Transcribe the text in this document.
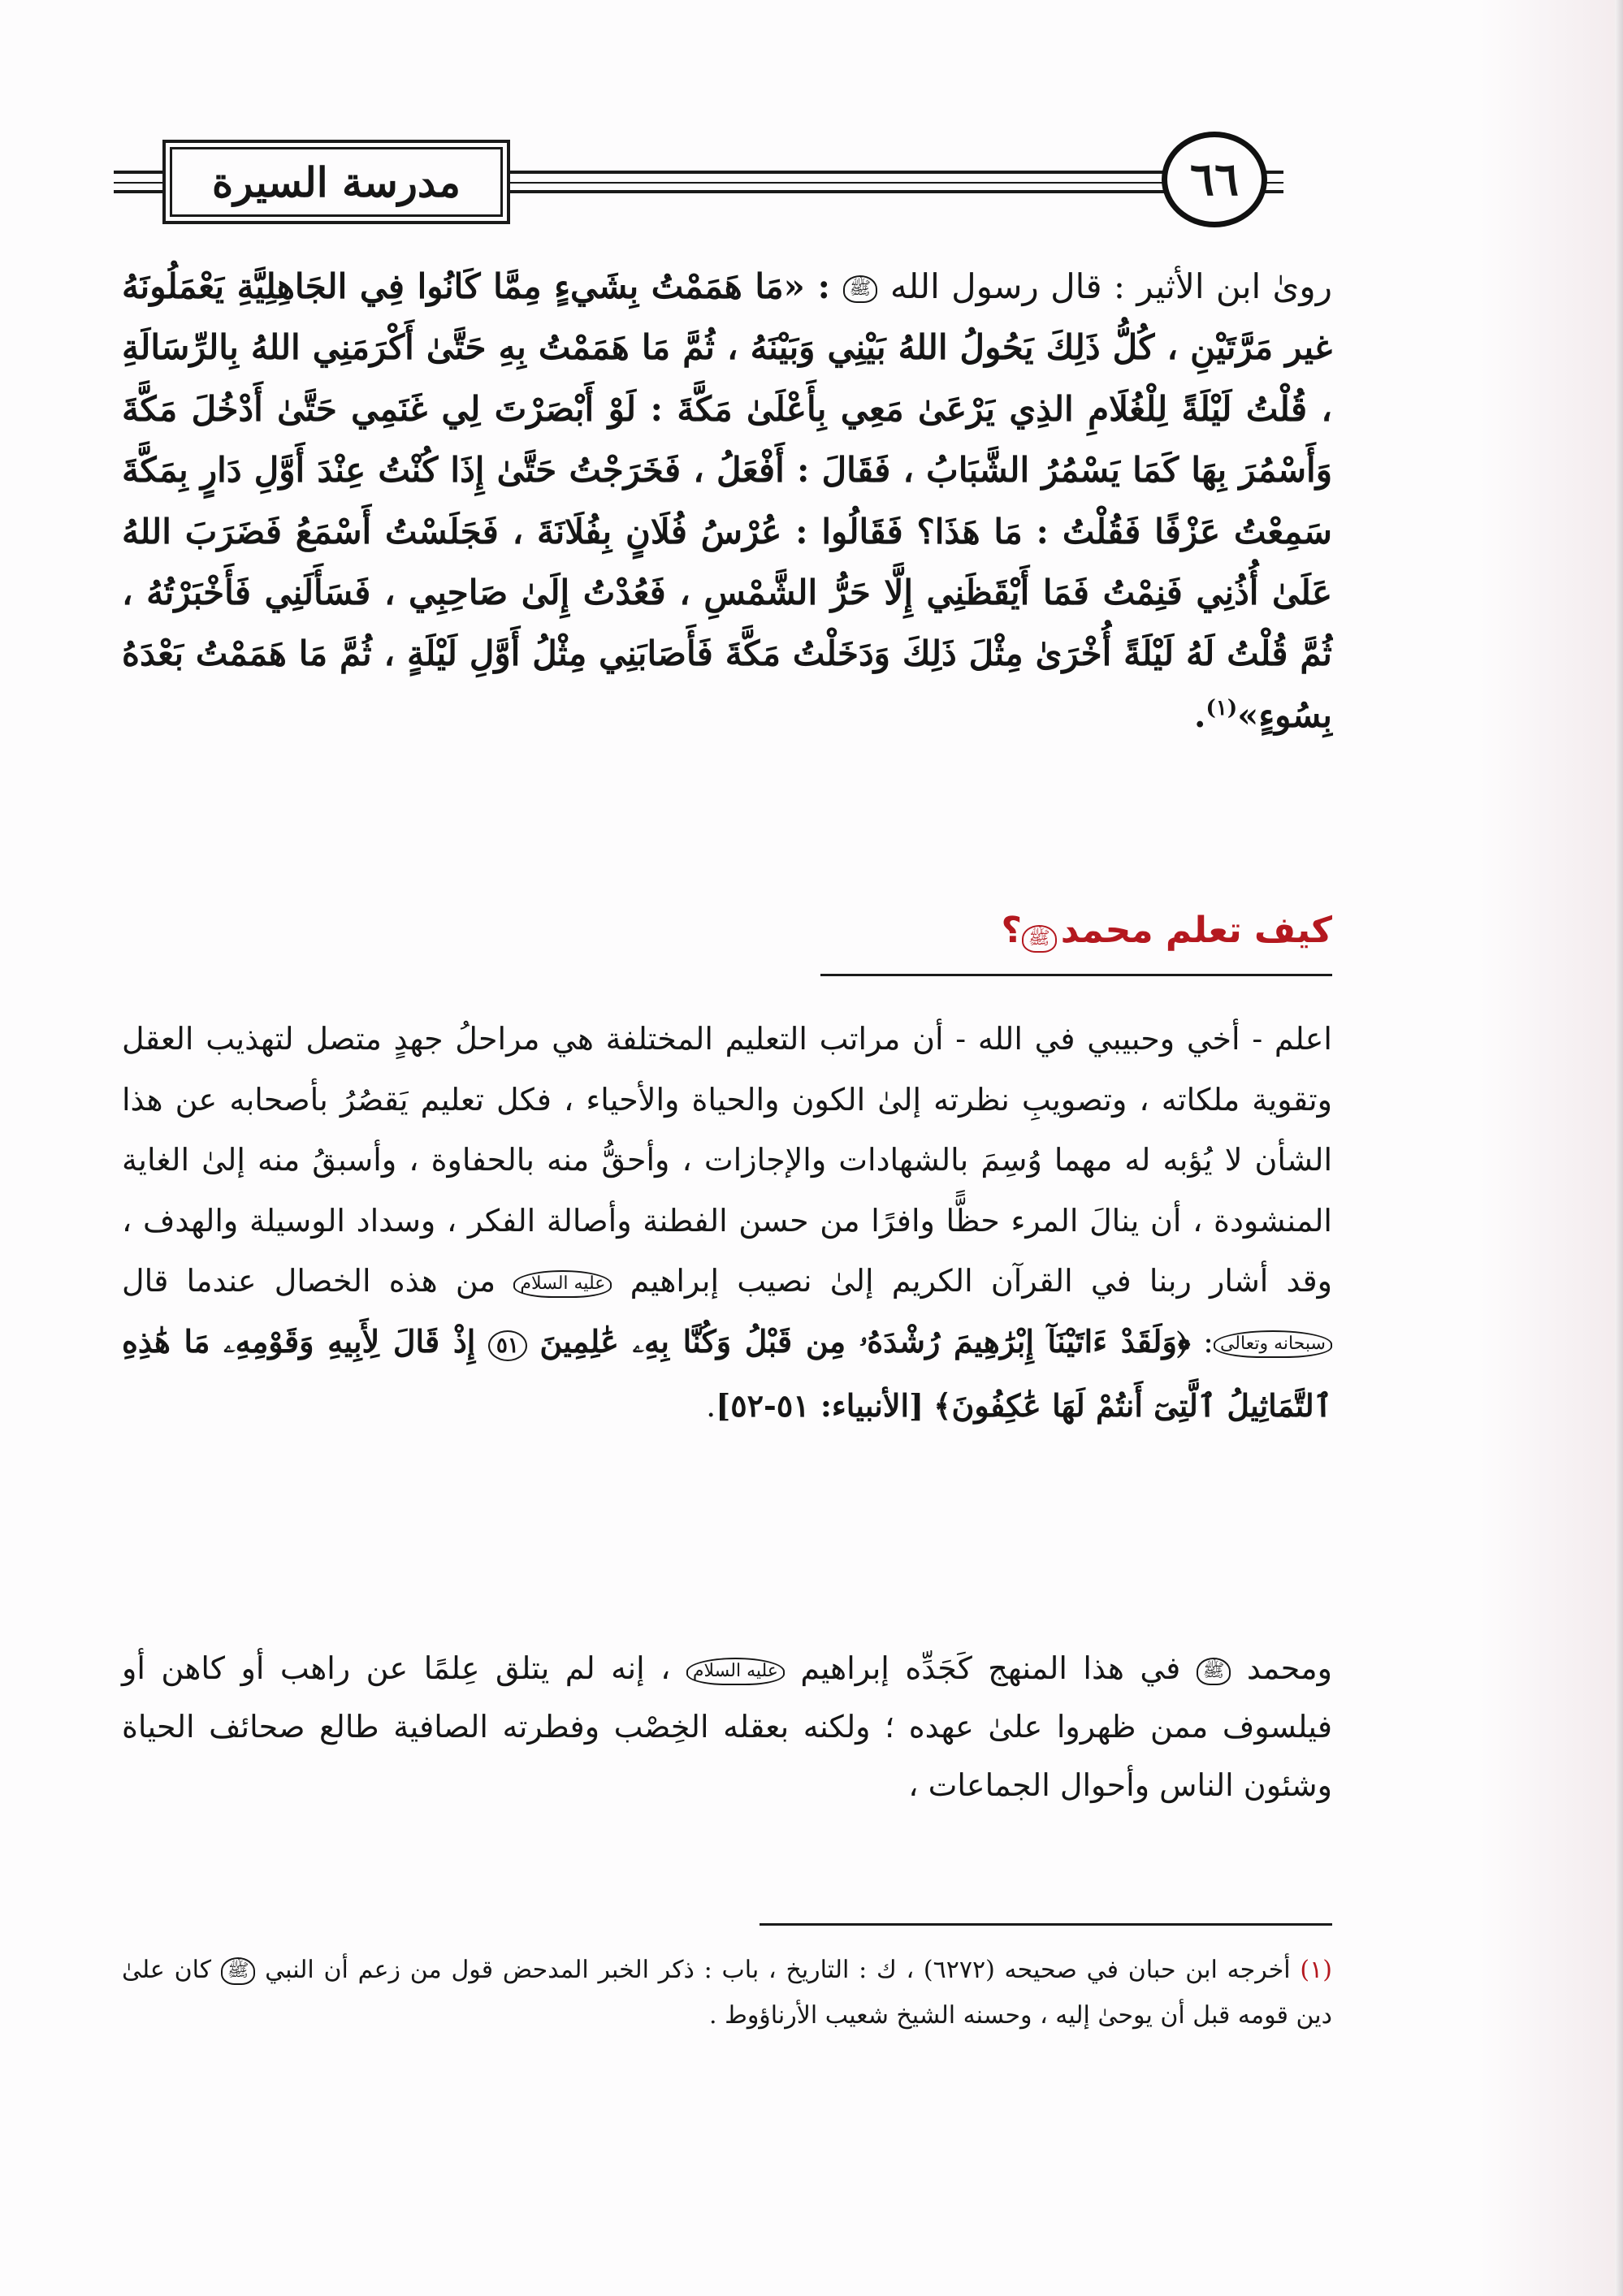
مدرسة السيرة	٦٦
روىٰ ابن الأثير : قال رسول الله ﷺ : «مَا هَمَمْتُ بِشَيءٍ مِمَّا كَانُوا فِي الجَاهِلِيَّةِ يَعْمَلُونَهُ غير مَرَّتَيْنِ ، كُلُّ ذَلِكَ يَحُولُ اللهُ بَيْنِي وَبَيْنَهُ ، ثُمَّ مَا هَمَمْتُ بِهِ حَتَّىٰ أَكْرَمَنِي اللهُ بِالرِّسَالَةِ ، قُلْتُ لَيْلَةً لِلْغُلَامِ الذِي يَرْعَىٰ مَعِي بِأَعْلَىٰ مَكَّةَ : لَوْ أَبْصَرْتَ لِي غَنَمِي حَتَّىٰ أَدْخُلَ مَكَّةَ وَأَسْمُرَ بِهَا كَمَا يَسْمُرُ الشَّبَابُ ، فَقَالَ : أَفْعَلُ ، فَخَرَجْتُ حَتَّىٰ إِذَا كُنْتُ عِنْدَ أَوَّلِ دَارٍ بِمَكَّةَ سَمِعْتُ عَزْفًا فَقُلْتُ : مَا هَذَا؟ فَقَالُوا : عُرْسُ فُلَانٍ بِفُلَانَةَ ، فَجَلَسْتُ أَسْمَعُ فَضَرَبَ اللهُ عَلَىٰ أُذُنِي فَنِمْتُ فَمَا أَيْقَظَنِي إِلَّا حَرُّ الشَّمْسِ ، فَعُدْتُ إِلَىٰ صَاحِبِي ، فَسَأَلَنِي فَأَخْبَرْتُهُ ، ثُمَّ قُلْتُ لَهُ لَيْلَةً أُخْرَىٰ مِثْلَ ذَلِكَ وَدَخَلْتُ مَكَّةَ فَأَصَابَنِي مِثْلُ أَوَّلِ لَيْلَةٍ ، ثُمَّ مَا هَمَمْتُ بَعْدَهُ بِسُوءٍ»$^{(١)}$.
كيف تعلم محمد ﷺ؟
اعلم - أخي وحبيبي في الله - أن مراتب التعليم المختلفة هي مراحلُ جهدٍ متصل لتهذيب العقل وتقوية ملكاته ، وتصويبِ نظرته إلىٰ الكون والحياة والأحياء ، فكل تعليم يَقصُرُ بأصحابه عن هذا الشأن لا يُؤبه له مهما وُسِمَ بالشهادات والإجازات ، وأحقُّ منه بالحفاوة ، وأسبقُ منه إلىٰ الغاية المنشودة ، أن ينالَ المرء حظًّا وافرًا من حسن الفطنة وأصالة الفكر ، وسداد الوسيلة والهدف ، وقد أشار ربنا في القرآن الكريم إلىٰ نصيب إبراهيم عليه السلام من هذه الخصال عندما قال سبحانه وتعالى: ﴿وَلَقَدْ ءَاتَيْنَآ إِبْرَٰهِيمَ رُشْدَهُۥ مِن قَبْلُ وَكُنَّا بِهِۦ عَٰلِمِينَ ٥١ إِذْ قَالَ لِأَبِيهِ وَقَوْمِهِۦ مَا هَٰذِهِ ٱلتَّمَاثِيلُ ٱلَّتِىٓ أَنتُمْ لَهَا عَٰكِفُونَ﴾ [الأنبياء: ٥١-٥٢].
ومحمد ﷺ في هذا المنهج كَجَدِّه إبراهيم عليه السلام ، إنه لم يتلق عِلمًا عن راهب أو كاهن أو فيلسوف ممن ظهروا علىٰ عهده ؛ ولكنه بعقله الخِصْب وفطرته الصافية طالع صحائف الحياة وشئون الناس وأحوال الجماعات ،
(١) أخرجه ابن حبان في صحيحه (٦٢٧٢) ، ك : التاريخ ، باب : ذكر الخبر المدحض قول من زعم أن النبي ﷺ كان علىٰ دين قومه قبل أن يوحىٰ إليه ، وحسنه الشيخ شعيب الأرناؤوط .
